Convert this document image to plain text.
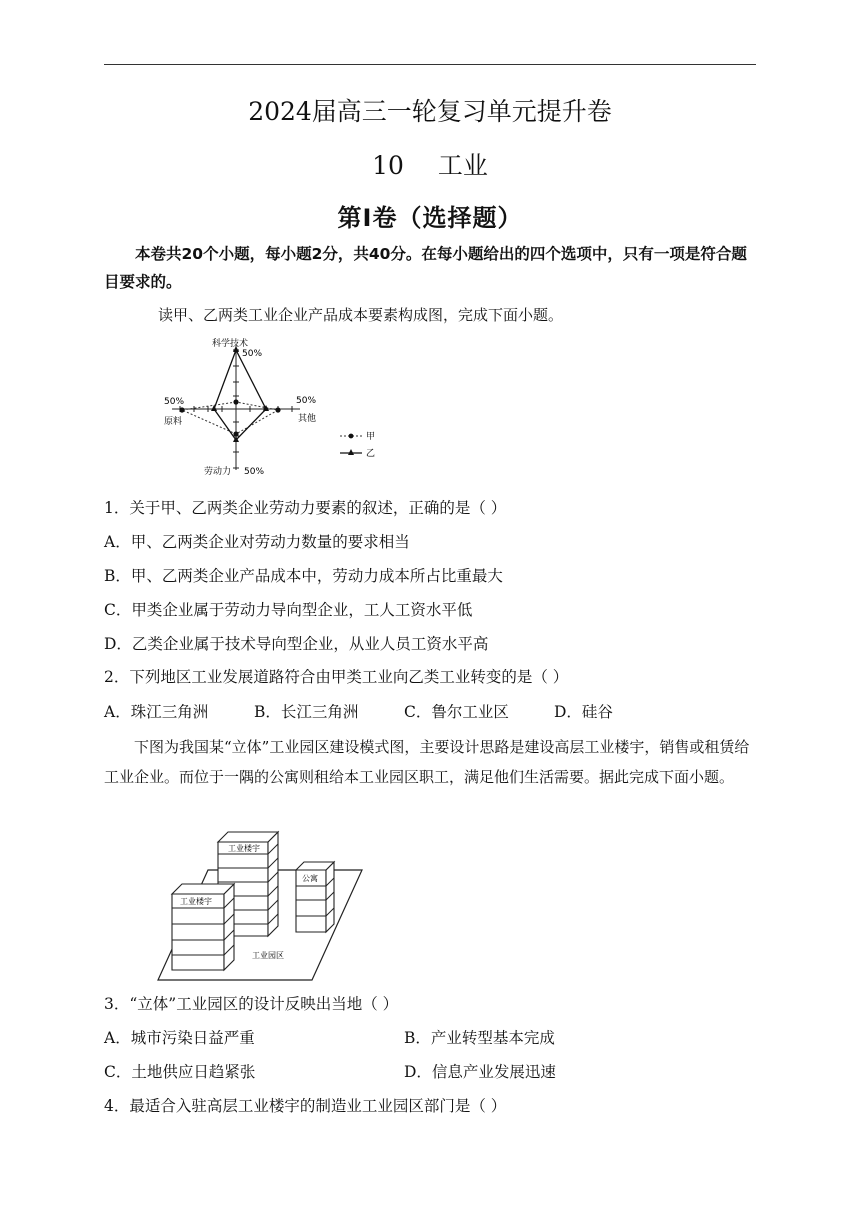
2024届高三一轮复习单元提升卷
10 工业
第Ⅰ卷（选择题）
本卷共20个小题，每小题2分，共40分。在每小题给出的四个选项中，只有一项是符合题目要求的。
读甲、乙两类工业企业产品成本要素构成图，完成下面小题。
科学技术
50%
50%
原料
50%
其他
劳动力 50%
甲
乙
1．关于甲、乙两类企业劳动力要素的叙述，正确的是（ ）
A．甲、乙两类企业对劳动力数量的要求相当
B．甲、乙两类企业产品成本中，劳动力成本所占比重最大
C．甲类企业属于劳动力导向型企业，工人工资水平低
D．乙类企业属于技术导向型企业，从业人员工资水平高
2．下列地区工业发展道路符合由甲类工业向乙类工业转变的是（ ）
A．珠江三角洲	B．长江三角洲	C．鲁尔工业区	D．硅谷
下图为我国某“立体”工业园区建设模式图，主要设计思路是建设高层工业楼宇，销售或租赁给工业企业。而位于一隅的公寓则租给本工业园区职工，满足他们生活需要。据此完成下面小题。
工业楼宇
公寓
工业楼宇
工业园区
3．“立体”工业园区的设计反映出当地（ ）
A．城市污染日益严重	B．产业转型基本完成
C．土地供应日趋紧张	D．信息产业发展迅速
4．最适合入驻高层工业楼宇的制造业工业园区部门是（ ）
